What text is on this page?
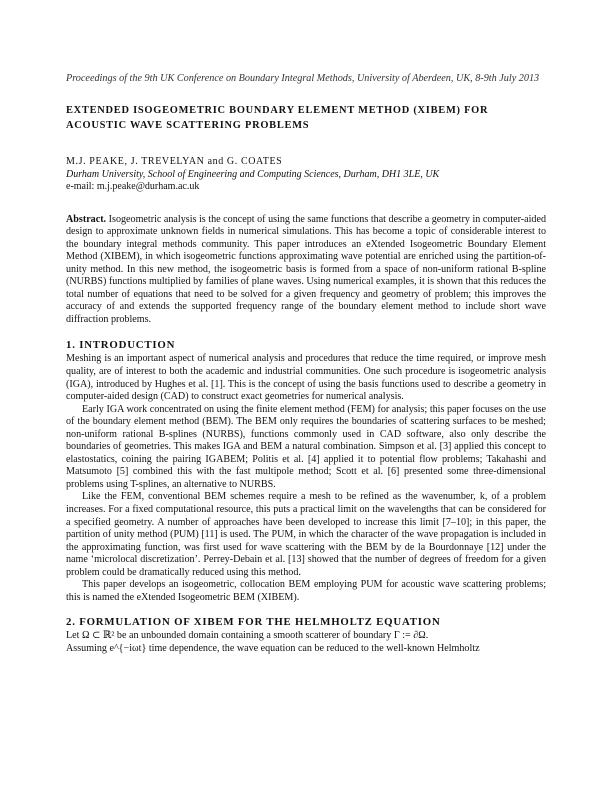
Proceedings of the 9th UK Conference on Boundary Integral Methods, University of Aberdeen, UK, 8-9th July 2013
EXTENDED ISOGEOMETRIC BOUNDARY ELEMENT METHOD (XIBEM) FOR ACOUSTIC WAVE SCATTERING PROBLEMS
M.J. PEAKE, J. TREVELYAN and G. COATES
Durham University, School of Engineering and Computing Sciences, Durham, DH1 3LE, UK
e-mail: m.j.peake@durham.ac.uk
Abstract. Isogeometric analysis is the concept of using the same functions that describe a geometry in computer-aided design to approximate unknown fields in numerical simulations. This has become a topic of considerable interest to the boundary integral methods community. This paper introduces an eXtended Isogeometric Boundary Element Method (XIBEM), in which isogeometric functions approximating wave potential are enriched using the partition-of-unity method. In this new method, the isogeometric basis is formed from a space of non-uniform rational B-spline (NURBS) functions multiplied by families of plane waves. Using numerical examples, it is shown that this reduces the total number of equations that need to be solved for a given frequency and geometry of problem; this improves the accuracy of and extends the supported frequency range of the boundary element method to include short wave diffraction problems.
1. INTRODUCTION

Meshing is an important aspect of numerical analysis and procedures that reduce the time required, or improve mesh quality, are of interest to both the academic and industrial communities. One such procedure is isogeometric analysis (IGA), introduced by Hughes et al. [1]. This is the concept of using the basis functions used to describe a geometry in computer-aided design (CAD) to construct exact geometries for numerical analysis.

Early IGA work concentrated on using the finite element method (FEM) for analysis; this paper focuses on the use of the boundary element method (BEM). The BEM only requires the boundaries of scattering surfaces to be meshed; non-uniform rational B-splines (NURBS), functions commonly used in CAD software, also only describe the boundaries of geometries. This makes IGA and BEM a natural combination. Simpson et al. [3] applied this concept to elastostatics, coining the pairing IGABEM; Politis et al. [4] applied it to potential flow problems; Takahashi and Matsumoto [5] combined this with the fast multipole method; Scott et al. [6] presented some three-dimensional problems using T-splines, an alternative to NURBS.

Like the FEM, conventional BEM schemes require a mesh to be refined as the wavenumber, k, of a problem increases. For a fixed computational resource, this puts a practical limit on the wavelengths that can be considered for a specified geometry. A number of approaches have been developed to increase this limit [7–10]; in this paper, the partition of unity method (PUM) [11] is used. The PUM, in which the character of the wave propagation is included in the approximating function, was first used for wave scattering with the BEM by de la Bourdonnaye [12] under the name ‘microlocal discretization’. Perrey-Debain et al. [13] showed that the number of degrees of freedom for a given problem could be dramatically reduced using this method.

This paper develops an isogeometric, collocation BEM employing PUM for acoustic wave scattering problems; this is named the eXtended Isogeometric BEM (XIBEM).

2. FORMULATION OF XIBEM FOR THE HELMHOLTZ EQUATION

Let Ω ⊂ ℝ² be an unbounded domain containing a smooth scatterer of boundary Γ := ∂Ω.

Assuming e^{−iωt} time dependence, the wave equation can be reduced to the well-known Helmholtz
